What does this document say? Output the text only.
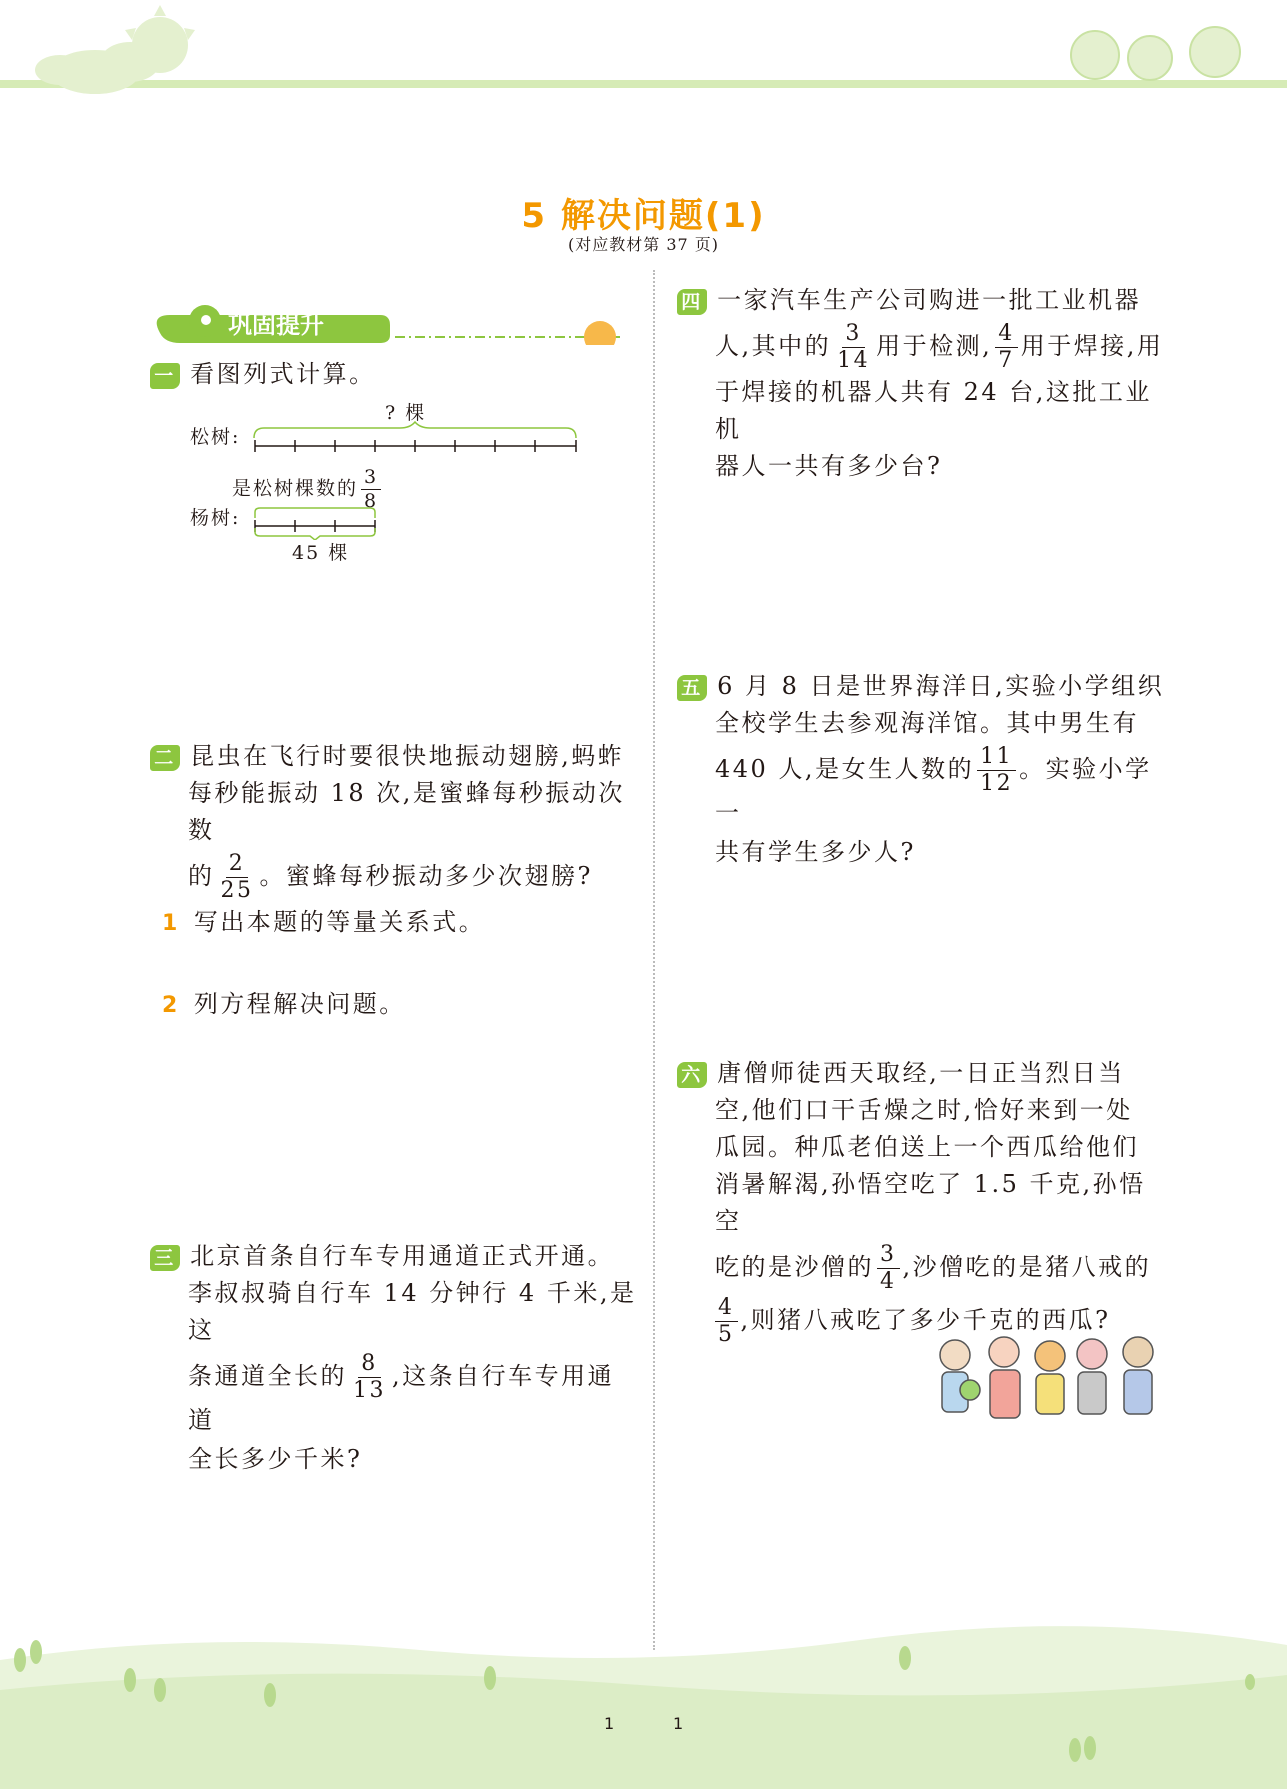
5 解决问题(1)
(对应教材第 37 页)
巩固提升
一 看图列式计算。
? 棵
松树:
是松树棵数的 $\frac{3}{8}$
杨树:
45 棵
二 昆虫在飞行时要很快地振动翅膀,蚂蚱
每秒能振动 18 次,是蜜蜂每秒振动次数
的 $\frac{2}{25}$ 。蜜蜂每秒振动多少次翅膀?
1 写出本题的等量关系式。
2 列方程解决问题。
三 北京首条自行车专用通道正式开通。
李叔叔骑自行车 14 分钟行 4 千米,是这
条通道全长的 $\frac{8}{13}$ ,这条自行车专用通道
全长多少千米?
四 一家汽车生产公司购进一批工业机器
人,其中的 $\frac{3}{14}$ 用于检测, $\frac{4}{7}$ 用于焊接,用
于焊接的机器人共有 24 台,这批工业机
器人一共有多少台?
五 6 月 8 日是世界海洋日,实验小学组织
全校学生去参观海洋馆。其中男生有
440 人,是女生人数的 $\frac{11}{12}$ 。实验小学一
共有学生多少人?
六 唐僧师徒西天取经,一日正当烈日当
空,他们口干舌燥之时,恰好来到一处
瓜园。种瓜老伯送上一个西瓜给他们
消暑解渴,孙悟空吃了 1.5 千克,孙悟空
吃的是沙僧的 $\frac{3}{4}$ ,沙僧吃的是猪八戒的
$\frac{4}{5}$ ,则猪八戒吃了多少千克的西瓜?
1	1
